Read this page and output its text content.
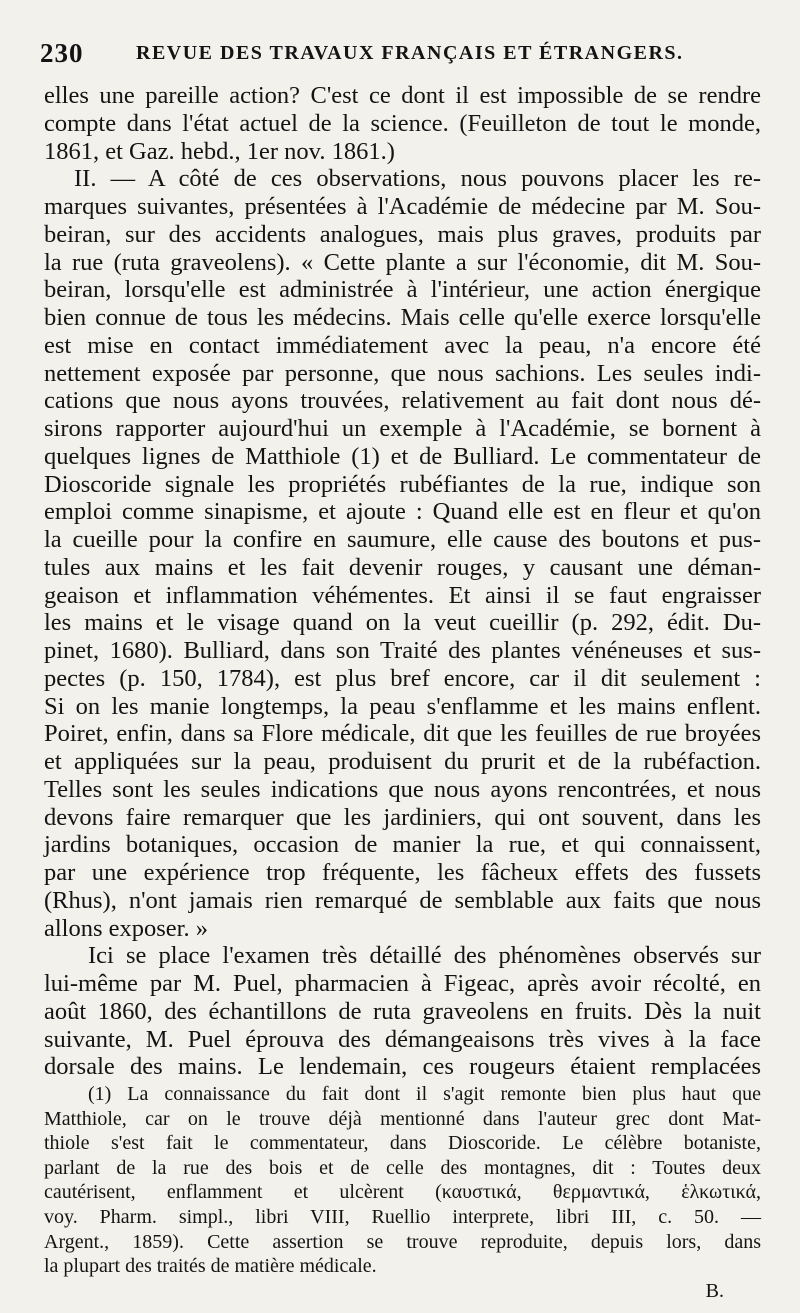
230	REVUE DES TRAVAUX FRANÇAIS ET ÉTRANGERS.
elles une pareille action? C'est ce dont il est impossible de se rendre
compte dans l'état actuel de la science. (Feuilleton de tout le monde,
1861, et Gaz. hebd., 1er nov. 1861.)
II. — A côté de ces observations, nous pouvons placer les re-
marques suivantes, présentées à l'Académie de médecine par M. Sou-
beiran, sur des accidents analogues, mais plus graves, produits par
la rue (ruta graveolens). « Cette plante a sur l'économie, dit M. Sou-
beiran, lorsqu'elle est administrée à l'intérieur, une action énergique
bien connue de tous les médecins. Mais celle qu'elle exerce lorsqu'elle
est mise en contact immédiatement avec la peau, n'a encore été
nettement exposée par personne, que nous sachions. Les seules indi-
cations que nous ayons trouvées, relativement au fait dont nous dé-
sirons rapporter aujourd'hui un exemple à l'Académie, se bornent à
quelques lignes de Matthiole (1) et de Bulliard. Le commentateur de
Dioscoride signale les propriétés rubéfiantes de la rue, indique son
emploi comme sinapisme, et ajoute : Quand elle est en fleur et qu'on
la cueille pour la confire en saumure, elle cause des boutons et pus-
tules aux mains et les fait devenir rouges, y causant une déman-
geaison et inflammation véhémentes. Et ainsi il se faut engraisser
les mains et le visage quand on la veut cueillir (p. 292, édit. Du-
pinet, 1680). Bulliard, dans son Traité des plantes vénéneuses et sus-
pectes (p. 150, 1784), est plus bref encore, car il dit seulement :
Si on les manie longtemps, la peau s'enflamme et les mains enflent.
Poiret, enfin, dans sa Flore médicale, dit que les feuilles de rue broyées
et appliquées sur la peau, produisent du prurit et de la rubéfaction.
Telles sont les seules indications que nous ayons rencontrées, et nous
devons faire remarquer que les jardiniers, qui ont souvent, dans les
jardins botaniques, occasion de manier la rue, et qui connaissent,
par une expérience trop fréquente, les fâcheux effets des fussets
(Rhus), n'ont jamais rien remarqué de semblable aux faits que nous
allons exposer. »
Ici se place l'examen très détaillé des phénomènes observés sur
lui-même par M. Puel, pharmacien à Figeac, après avoir récolté, en
août 1860, des échantillons de ruta graveolens en fruits. Dès la nuit
suivante, M. Puel éprouva des démangeaisons très vives à la face
dorsale des mains. Le lendemain, ces rougeurs étaient remplacées
(1) La connaissance du fait dont il s'agit remonte bien plus haut que
Matthiole, car on le trouve déjà mentionné dans l'auteur grec dont Mat-
thiole s'est fait le commentateur, dans Dioscoride. Le célèbre botaniste,
parlant de la rue des bois et de celle des montagnes, dit : Toutes deux
cautérisent, enflamment et ulcèrent (καυστικά, θερμαντικά, ἑλκωτικά,
voy. Pharm. simpl., libri VIII, Ruellio interprete, libri III, c. 50. —
Argent., 1859). Cette assertion se trouve reproduite, depuis lors, dans
la plupart des traités de matière médicale.
B.
